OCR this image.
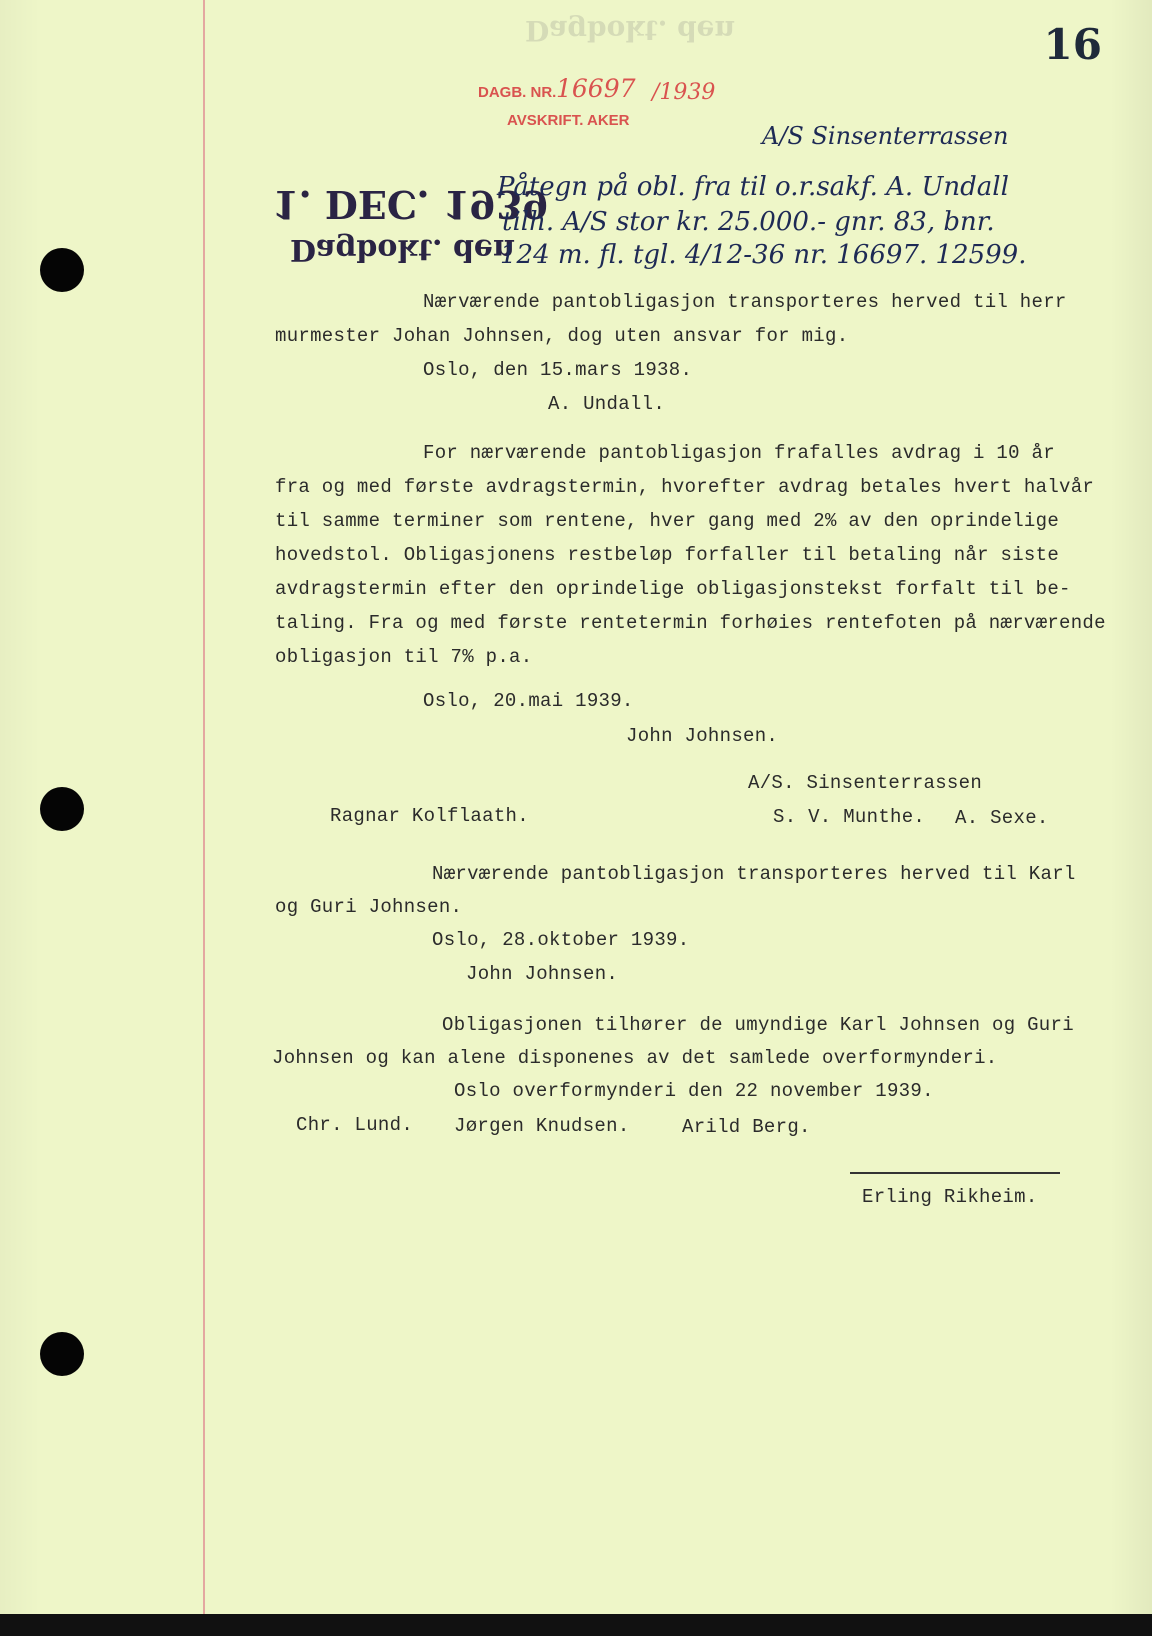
16
Dagbokt. den
DAGB. NR. 16697 /1939
AVSKRIFT. AKER
1. DEC. 1939
Dagbokt. den
A/S Sinsenterrassen
Påtegn på obl. fra til o.r.sakf. A. Undall
tilh. A/S stor kr. 25.000.- gnr. 83, bnr.
124 m. fl. tgl. 4/12-36 nr. 16697. 12599.
Nærværende pantobligasjon transporteres herved til herr
murmester Johan Johnsen, dog uten ansvar for mig.
Oslo, den 15.mars 1938.
A. Undall.
For nærværende pantobligasjon frafalles avdrag i 10 år
fra og med første avdragstermin, hvorefter avdrag betales hvert halvår
til samme terminer som rentene, hver gang med 2% av den oprindelige
hovedstol. Obligasjonens restbeløp forfaller til betaling når siste
avdragstermin efter den oprindelige obligasjonstekst forfalt til be-
taling. Fra og med første rentetermin forhøies rentefoten på nærværende
obligasjon til 7% p.a.
Oslo, 20.mai 1939.
John Johnsen.
A/S. Sinsenterrassen
Ragnar Kolflaath.	S. V. Munthe. A. Sexe.
Nærværende pantobligasjon transporteres herved til Karl
og Guri Johnsen.
Oslo, 28.oktober 1939.
John Johnsen.
Obligasjonen tilhører de umyndige Karl Johnsen og Guri
Johnsen og kan alene disponenes av det samlede overformynderi.
Oslo overformynderi den 22 november 1939.
Chr. Lund. Jørgen Knudsen.	Arild Berg.
Erling Rikheim.
